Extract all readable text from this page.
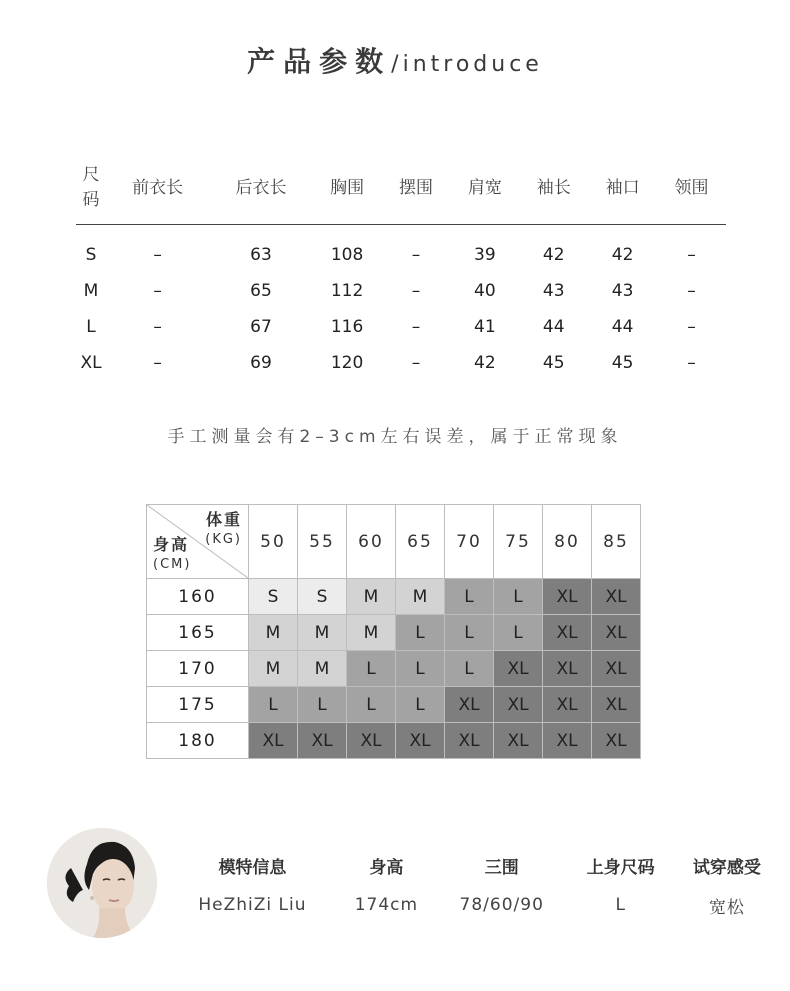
产品参数/introduce
尺码	前衣长	后衣长	胸围	摆围	肩宽	袖长	袖口	领围
S	–	63	108	–	39	42	42	–
M	–	65	112	–	40	43	43	–
L	–	67	116	–	41	44	44	–
XL	–	69	120	–	42	45	45	–
手工测量会有2–3cm左右误差，属于正常现象
体重
(KG)
身高
(CM)	50	55	60	65	70	75	80	85
160	S	S	M	M	L	L	XL	XL
165	M	M	M	L	L	L	XL	XL
170	M	M	L	L	L	XL	XL	XL
175	L	L	L	L	XL	XL	XL	XL
180	XL	XL	XL	XL	XL	XL	XL	XL
模特信息	身高	三围	上身尺码	试穿感受
HeZhiZi Liu	174cm	78/60/90	L	宽松
